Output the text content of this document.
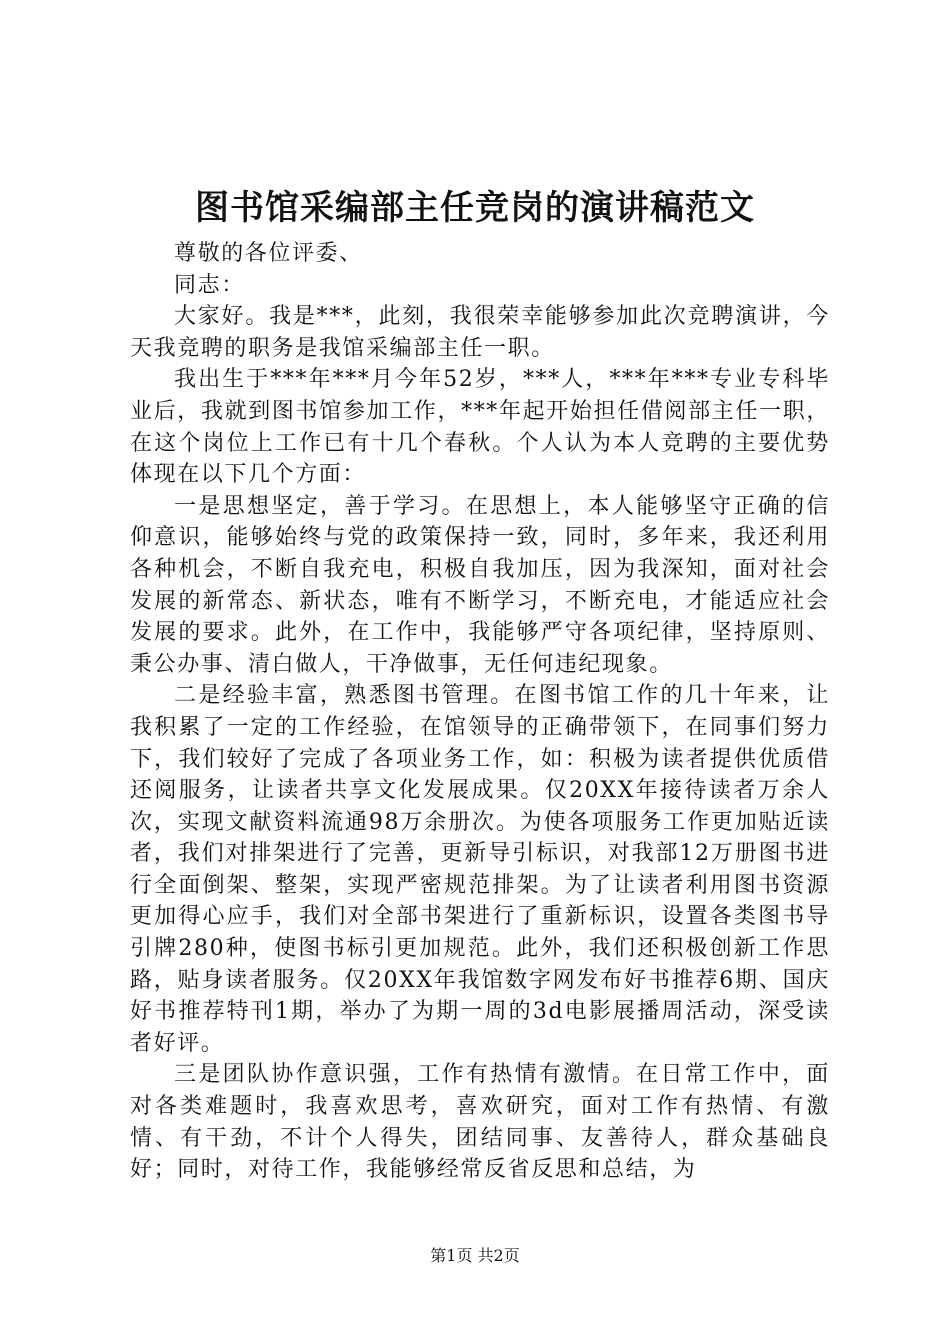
图书馆采编部主任竞岗的演讲稿范文

尊敬的各位评委、

同志：

大家好。我是***，此刻，我很荣幸能够参加此次竞聘演讲，今天我竞聘的职务是我馆采编部主任一职。

我出生于***年***月今年52岁，***人，***年***专业专科毕业后，我就到图书馆参加工作，***年起开始担任借阅部主任一职，在这个岗位上工作已有十几个春秋。个人认为本人竞聘的主要优势体现在以下几个方面：

一是思想坚定，善于学习。在思想上，本人能够坚守正确的信仰意识，能够始终与党的政策保持一致，同时，多年来，我还利用各种机会，不断自我充电，积极自我加压，因为我深知，面对社会发展的新常态、新状态，唯有不断学习，不断充电，才能适应社会发展的要求。此外，在工作中，我能够严守各项纪律，坚持原则、秉公办事、清白做人，干净做事，无任何违纪现象。

二是经验丰富，熟悉图书管理。在图书馆工作的几十年来，让我积累了一定的工作经验，在馆领导的正确带领下，在同事们努力下，我们较好了完成了各项业务工作，如：积极为读者提供优质借还阅服务，让读者共享文化发展成果。仅20XX年接待读者万余人次，实现文献资料流通98万余册次。为使各项服务工作更加贴近读者，我们对排架进行了完善，更新导引标识，对我部12万册图书进行全面倒架、整架，实现严密规范排架。为了让读者利用图书资源更加得心应手，我们对全部书架进行了重新标识，设置各类图书导引牌280种，使图书标引更加规范。此外，我们还积极创新工作思路，贴身读者服务。仅20XX年我馆数字网发布好书推荐6期、国庆好书推荐特刊1期，举办了为期一周的3d电影展播周活动，深受读者好评。

三是团队协作意识强，工作有热情有激情。在日常工作中，面对各类难题时，我喜欢思考，喜欢研究，面对工作有热情、有激情、有干劲，不计个人得失，团结同事、友善待人，群众基础良好；同时，对待工作，我能够经常反省反思和总结，为

第1页 共2页
